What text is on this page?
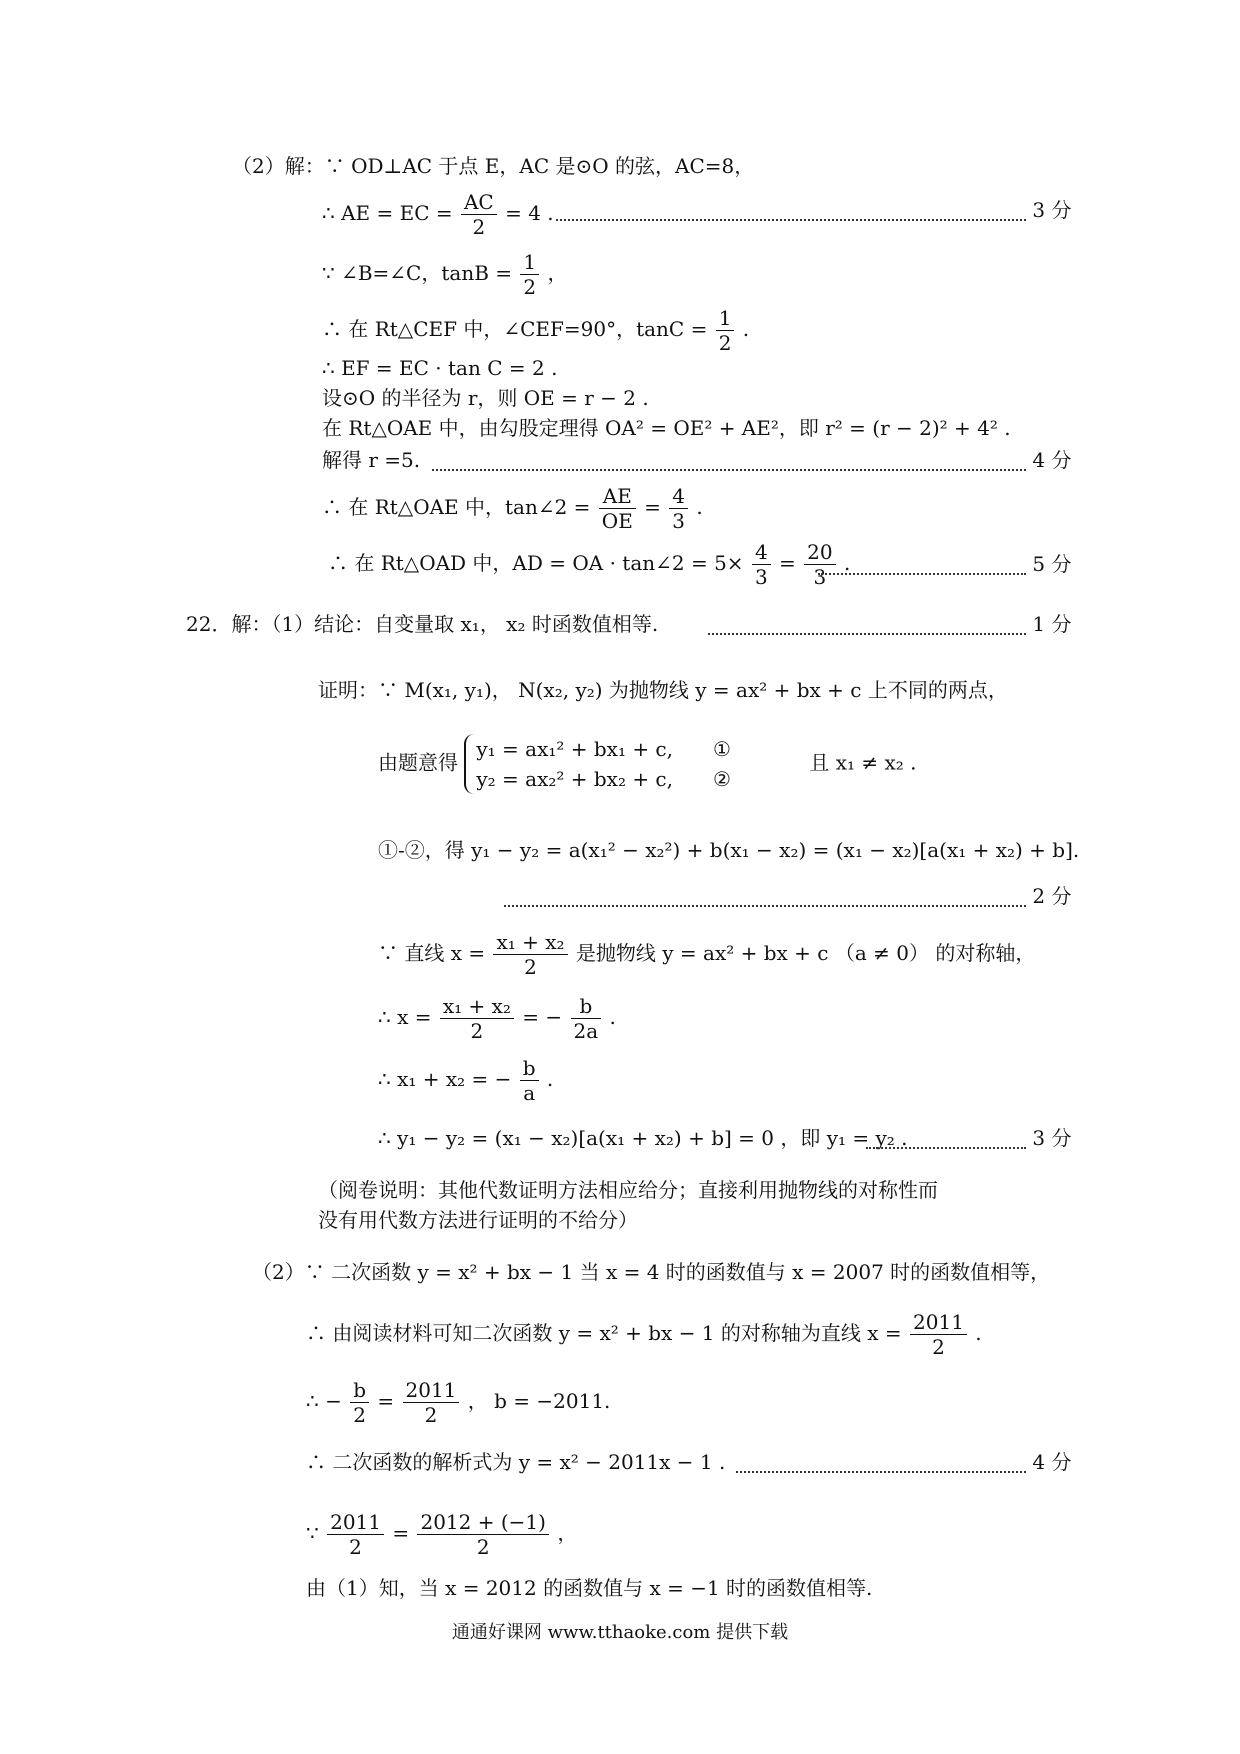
（2）解：∵ OD⊥AC 于点 E，AC 是⊙O 的弦，AC=8，
∴ AE = EC = $\frac{AC}{2} = 4$ .	3 分
∵ ∠B=∠C，$\tan B = \frac{1}{2}$ ，
∴ 在 Rt△CEF 中，∠CEF=90°，$\tan C = \frac{1}{2}$ .
∴ EF = EC · tan C = 2 .
设⊙O 的半径为 r，则 OE = r − 2 .
在 Rt△OAE 中，由勾股定理得 OA² = OE² + AE²，即 r² = (r − 2)² + 4² .
解得 r =5.	4 分
∴ 在 Rt△OAE 中，tan∠2 = $\frac{AE}{OE} = \frac{4}{3}$ .
∴ 在 Rt△OAD 中，AD = OA · tan∠2 = $5\times \frac{4}{3} = \frac{20}{3}$ .	5 分
22．解：（1）结论：自变量取 x₁， x₂ 时函数值相等.	1 分
证明：∵ M(x₁, y₁)， N(x₂, y₂) 为抛物线 y = ax² + bx + c 上不同的两点，
由题意得
y₁ = ax₁² + bx₁ + c, ①
y₂ = ax₂² + bx₂ + c, ②
且 x₁ ≠ x₂ .
①-②，得 y₁ − y₂ = a(x₁² − x₂²) + b(x₁ − x₂) = (x₁ − x₂)[a(x₁ + x₂) + b].
2 分
∵ 直线 $x = \frac{\text{x₁ + x₂}}{2}$ 是抛物线 y = ax² + bx + c （a ≠ 0） 的对称轴，
∴ $x = \frac{\text{x₁ + x₂}}{2}$ = − $\frac{b}{2a}$ .
∴ x₁ + x₂ = − $\frac{b}{a}$ .
∴ y₁ − y₂ = (x₁ − x₂)[a(x₁ + x₂) + b] = 0 ，即 y₁ = y₂ .	3 分
（阅卷说明：其他代数证明方法相应给分；直接利用抛物线的对称性而
没有用代数方法进行证明的不给分）
（2）∵ 二次函数 y = x² + bx − 1 当 x = 4 时的函数值与 x = 2007 时的函数值相等，
∴ 由阅读材料可知二次函数 y = x² + bx − 1 的对称轴为直线 $x = \frac{2011}{2}$ .
∴ − $\frac{b}{2} = \frac{2011}{2}$ ， b = −2011.
∴ 二次函数的解析式为 y = x² − 2011x − 1 .	4 分
∵ $\frac{2011}{2} = \frac{2012 + (-1)}{2}$ ，
由（1）知，当 x = 2012 的函数值与 x = −1 时的函数值相等.
通通好课网 www.tthaoke.com 提供下载
